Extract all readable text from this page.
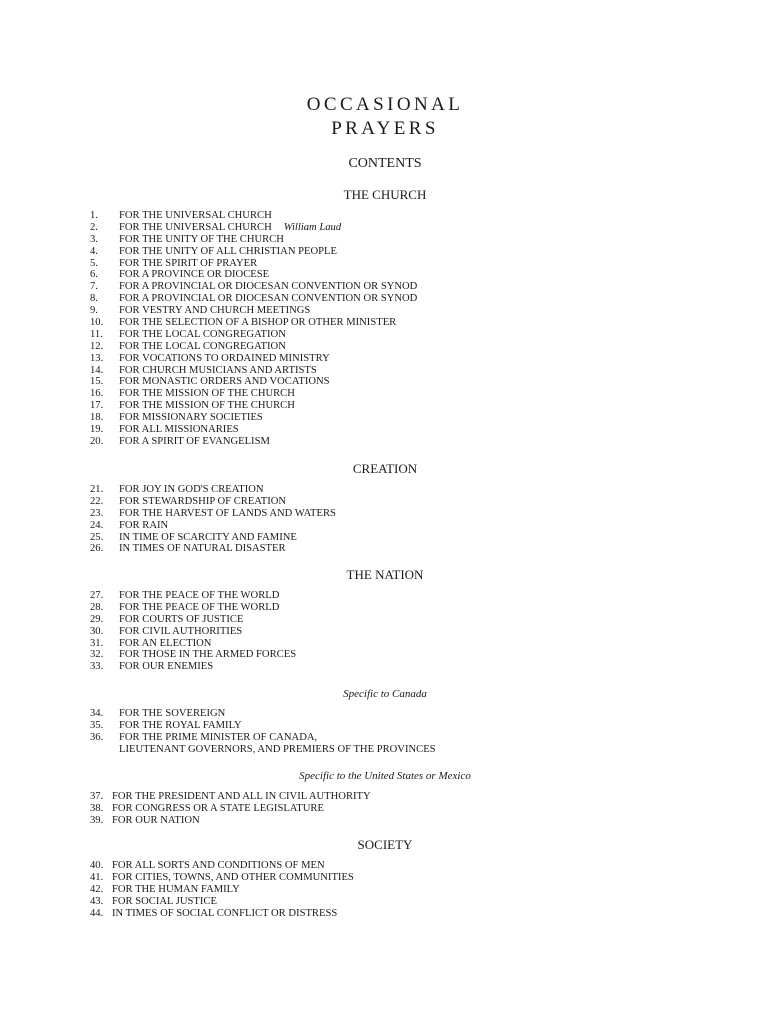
OCCASIONAL
PRAYERS
CONTENTS
THE CHURCH
1. FOR THE UNIVERSAL CHURCH
2. FOR THE UNIVERSAL CHURCH William Laud
3. FOR THE UNITY OF THE CHURCH
4. FOR THE UNITY OF ALL CHRISTIAN PEOPLE
5. FOR THE SPIRIT OF PRAYER
6. FOR A PROVINCE OR DIOCESE
7. FOR A PROVINCIAL OR DIOCESAN CONVENTION OR SYNOD
8. FOR A PROVINCIAL OR DIOCESAN CONVENTION OR SYNOD
9. FOR VESTRY AND CHURCH MEETINGS
10. FOR THE SELECTION OF A BISHOP OR OTHER MINISTER
11. FOR THE LOCAL CONGREGATION
12. FOR THE LOCAL CONGREGATION
13. FOR VOCATIONS TO ORDAINED MINISTRY
14. FOR CHURCH MUSICIANS AND ARTISTS
15. FOR MONASTIC ORDERS AND VOCATIONS
16. FOR THE MISSION OF THE CHURCH
17. FOR THE MISSION OF THE CHURCH
18. FOR MISSIONARY SOCIETIES
19. FOR ALL MISSIONARIES
20. FOR A SPIRIT OF EVANGELISM
CREATION
21. FOR JOY IN GOD'S CREATION
22. FOR STEWARDSHIP OF CREATION
23. FOR THE HARVEST OF LANDS AND WATERS
24. FOR RAIN
25. IN TIME OF SCARCITY AND FAMINE
26. IN TIMES OF NATURAL DISASTER
THE NATION
27. FOR THE PEACE OF THE WORLD
28. FOR THE PEACE OF THE WORLD
29. FOR COURTS OF JUSTICE
30. FOR CIVIL AUTHORITIES
31. FOR AN ELECTION
32. FOR THOSE IN THE ARMED FORCES
33. FOR OUR ENEMIES
Specific to Canada
34. FOR THE SOVEREIGN
35. FOR THE ROYAL FAMILY
36. FOR THE PRIME MINISTER OF CANADA,
LIEUTENANT GOVERNORS, AND PREMIERS OF THE PROVINCES
Specific to the United States or Mexico
37. FOR THE PRESIDENT AND ALL IN CIVIL AUTHORITY
38. FOR CONGRESS OR A STATE LEGISLATURE
39. FOR OUR NATION
SOCIETY
40. FOR ALL SORTS AND CONDITIONS OF MEN
41. FOR CITIES, TOWNS, AND OTHER COMMUNITIES
42. FOR THE HUMAN FAMILY
43. FOR SOCIAL JUSTICE
44. IN TIMES OF SOCIAL CONFLICT OR DISTRESS
